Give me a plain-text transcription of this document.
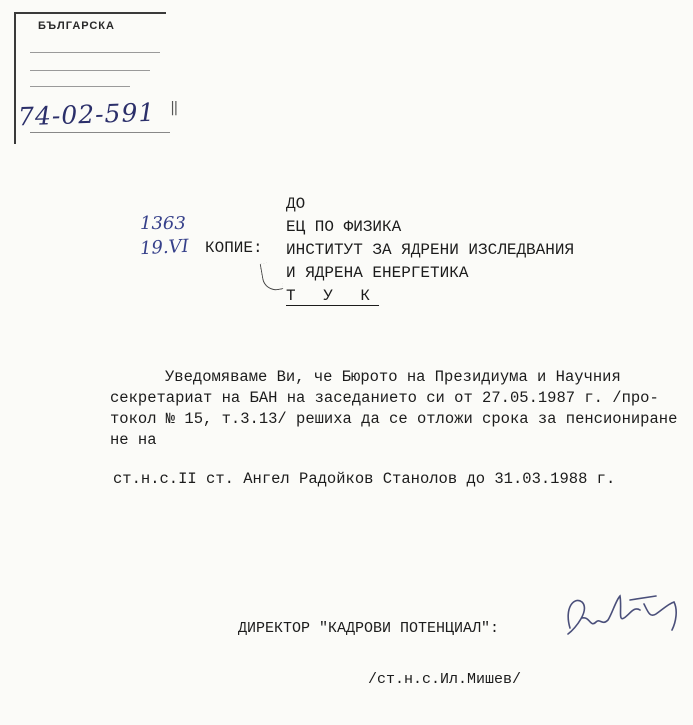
БЪЛГАРСКА
74-02-591 ‖
1363
19.VI
ДО
ЕЦ ПО ФИЗИКА
ИНСТИТУТ ЗА ЯДРЕНИ ИЗСЛЕДВАНИЯ
И ЯДРЕНА ЕНЕРГЕТИКА
Т У К
КОПИЕ:
Уведомяваме Ви, че Бюрото на Президиума и Научния
секретариат на БАН на заседанието си от 27.05.1987 г. /про-
токол № 15, т.3.13/ решиха да се отложи срока за пенсиониране
не на
ст.н.с.II ст. Ангел Радойков Станолов до 31.03.1988 г.
ДИРЕКТОР "КАДРОВИ ПОТЕНЦИАЛ":
/ст.н.с.Ил.Мишев/
